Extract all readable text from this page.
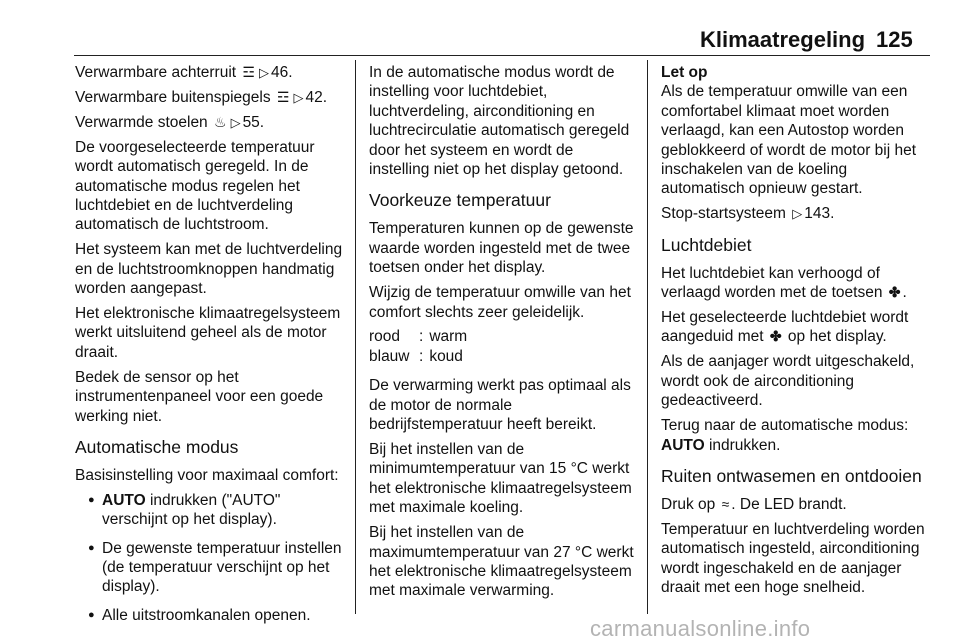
Klimaatregeling 125

Verwarmbare achterruit ☲ ▷ 46.

Verwarmbare buitenspiegels ☲ ▷ 42.

Verwarmde stoelen ♨ ▷ 55.

De voorgeselecteerde temperatuur wordt automatisch geregeld. In de automatische modus regelen het luchtdebiet en de luchtverdeling automatisch de luchtstroom.

Het systeem kan met de luchtverdeling en de luchtstroomknoppen handmatig worden aangepast.

Het elektronische klimaatregelsysteem werkt uitsluitend geheel als de motor draait.

Bedek de sensor op het instrumentenpaneel voor een goede werking niet.

Automatische modus

Basisinstelling voor maximaal comfort:

● AUTO indrukken ("AUTO" verschijnt op het display).
● De gewenste temperatuur instellen (de temperatuur verschijnt op het display).
● Alle uitstroomkanalen openen.

In de automatische modus wordt de instelling voor luchtdebiet, luchtverdeling, airconditioning en luchtrecirculatie automatisch geregeld door het systeem en wordt de instelling niet op het display getoond.

Voorkeuze temperatuur

Temperaturen kunnen op de gewenste waarde worden ingesteld met de twee toetsen onder het display.

Wijzig de temperatuur omwille van het comfort slechts zeer geleidelijk.

rood	:	warm
blauw	:	koud

De verwarming werkt pas optimaal als de motor de normale bedrijfstemperatuur heeft bereikt.

Bij het instellen van de minimumtemperatuur van 15 °C werkt het elektronische klimaatregelsysteem met maximale koeling.

Bij het instellen van de maximumtemperatuur van 27 °C werkt het elektronische klimaatregelsysteem met maximale verwarming.

Let op
Als de temperatuur omwille van een comfortabel klimaat moet worden verlaagd, kan een Autostop worden geblokkeerd of wordt de motor bij het inschakelen van de koeling automatisch opnieuw gestart.

Stop-startsysteem ▷ 143.

Luchtdebiet

Het luchtdebiet kan verhoogd of verlaagd worden met de toetsen ✤ .

Het geselecteerde luchtdebiet wordt aangeduid met ✤ op het display.

Als de aanjager wordt uitgeschakeld, wordt ook de airconditioning gedeactiveerd.

Terug naar de automatische modus:
AUTO indrukken.

Ruiten ontwasemen en ontdooien

Druk op ≈ . De LED brandt.

Temperatuur en luchtverdeling worden automatisch ingesteld, airconditioning wordt ingeschakeld en de aanjager draait met een hoge snelheid.

carmanualsonline.info
